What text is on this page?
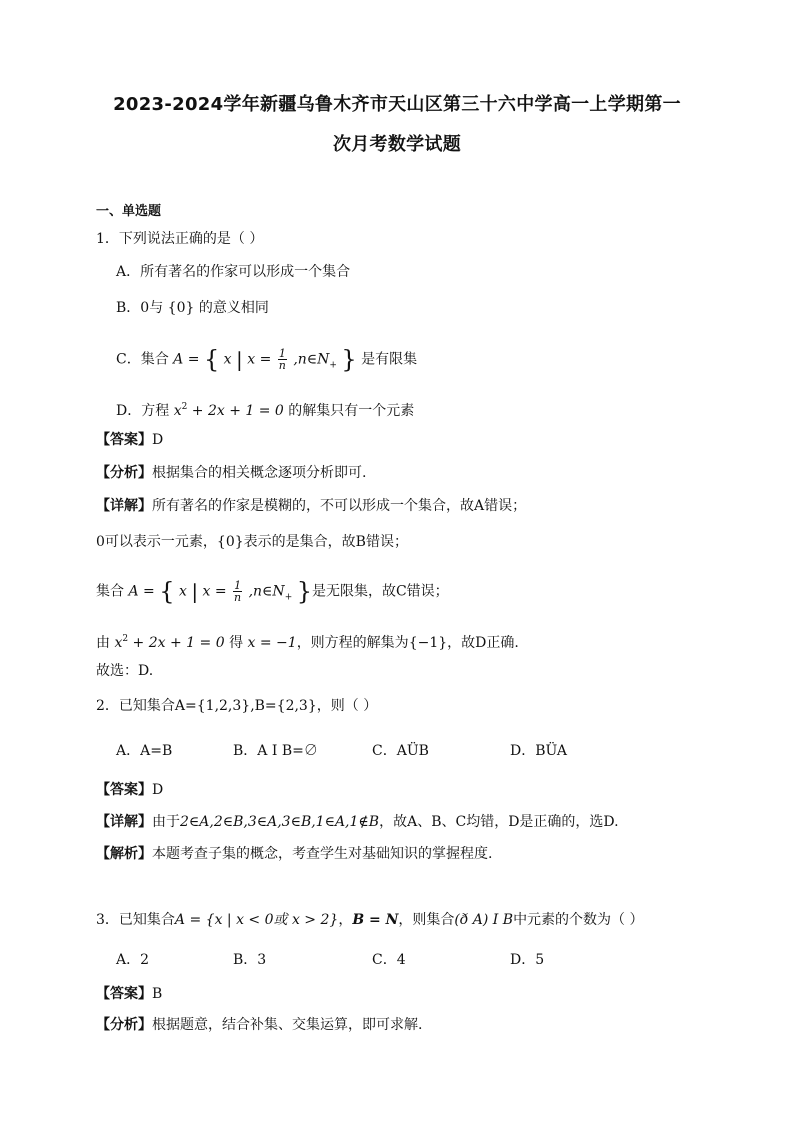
2023-2024学年新疆乌鲁木齐市天山区第三十六中学高一上学期第一
次月考数学试题
一、单选题
1．下列说法正确的是（ ）
A．所有著名的作家可以形成一个集合
B．0与 {0} 的意义相同
C．集合 A = { x | $x = \frac{1}{n}$ $,n\in N_+$ } 是有限集
D．方程 $x^2 + 2x + 1 = 0$ 的解集只有一个元素
【答案】D
【分析】根据集合的相关概念逐项分析即可.
【详解】所有著名的作家是模糊的，不可以形成一个集合，故A错误；
0可以表示一元素，{0}表示的是集合，故B错误；
集合 A = { x | $x = \frac{1}{n}$ $,n\in N_+$ }是无限集，故C错误；
由 $x^2 + 2x + 1 = 0$ 得 x = −1，则方程的解集为{−1}，故D正确.
故选：D.
2．已知集合A={1,2,3},B={2,3}，则（ ）
A．A=B	B．A I B=∅	C．AÜB	D．BÜA
【答案】D
【详解】由于2∈A,2∈B,3∈A,3∈B,1∈A,1∉B，故A、B、C均错，D是正确的，选D.
【解析】本题考查子集的概念，考查学生对基础知识的掌握程度.
3．已知集合A = {x | x < 0或 x > 2}，B = N，则集合(ð A) I B中元素的个数为（ ）
A．2	B．3	C．4	D．5
【答案】B
【分析】根据题意，结合补集、交集运算，即可求解.
